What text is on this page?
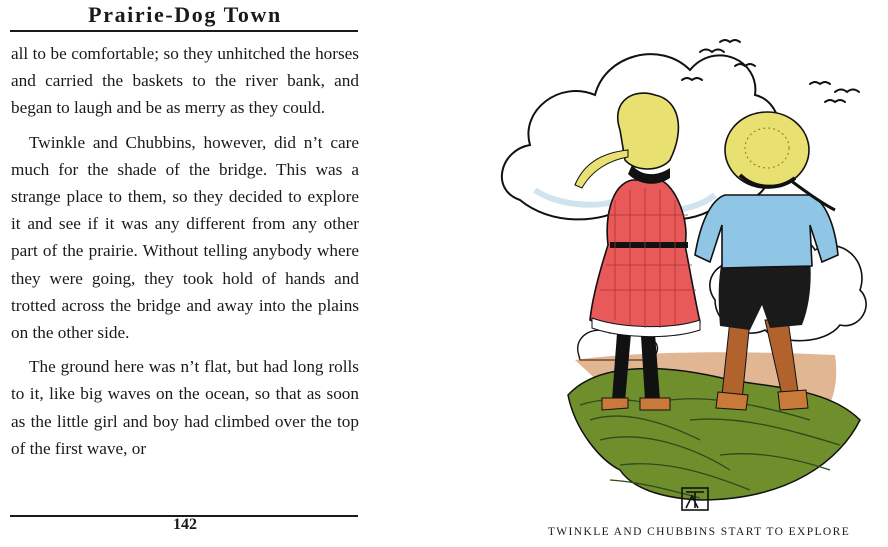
Prairie-Dog Town

all to be comfortable; so they unhitched the horses and carried the baskets to the river bank, and began to laugh and be as merry as they could.

Twinkle and Chubbins, however, did n’t care much for the shade of the bridge. This was a strange place to them, so they decided to explore it and see if it was any different from any other part of the prairie. Without telling anybody where they were going, they took hold of hands and trotted across the bridge and away into the plains on the other side.

The ground here was n’t flat, but had long rolls to it, like big waves on the ocean, so that as soon as the little girl and boy had climbed over the top of the first wave, or

142	TWINKLE AND CHUBBINS START TO EXPLORE
